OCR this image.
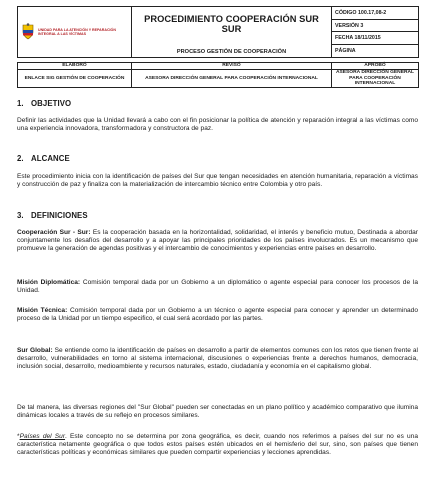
UNIDAD PARA LA ATENCIÓN Y REPARACIÓN INTEGRAL A LAS VÍCTIMAS

PROCEDIMIENTO COOPERACIÓN SUR SUR
PROCESO GESTIÓN DE COOPERACIÓN

CÓDIGO 100.17,08-2
VERSIÓN 3
FECHA 18/11/2015
PÁGINA
ELABORÓ	REVISÓ	APROBÓ
ENLACE SIG GESTIÓN DE COOPERACIÓN	ASESORA DIRECCIÓN GENERAL PARA COOPERACIÓN INTERNACIONAL	ASESORA DIRECCIÓN GENERAL PARA COOPERACIÓN INTERNACIONAL
1. OBJETIVO
Definir las actividades que la Unidad llevará a cabo con el fin posicionar la política de atención y reparación integral a las víctimas como una experiencia innovadora, transformadora y constructora de paz.
2. ALCANCE
Este procedimiento inicia con la identificación de países del Sur que tengan necesidades en atención humanitaria, reparación a víctimas y construcción de paz y finaliza con la materialización de intercambio técnico entre Colombia y otro país.
3. DEFINICIONES
Cooperación Sur - Sur: Es la cooperación basada en la horizontalidad, solidaridad, el interés y beneficio mutuo, Destinada a abordar conjuntamente los desafíos del desarrollo y a apoyar las principales prioridades de los países involucrados. Es un mecanismo que promueve la generación de agendas positivas y el intercambio de conocimientos y experiencias entre países en desarrollo.
Misión Diplomática: Comisión temporal dada por un Gobierno a un diplomático o agente especial para conocer los procesos de la Unidad.
Misión Técnica: Comisión temporal dada por un Gobierno a un técnico o agente especial para conocer y aprender un determinado proceso de la Unidad por un tiempo especifico, el cual será acordado por las partes.
Sur Global: Se entiende como la identificación de países en desarrollo a partir de elementos comunes con los retos que tienen frente al desarrollo, vulnerabilidades en torno al sistema internacional, discusiones o experiencias frente a derechos humanos, democracia, inclusión social, desarrollo, medioambiente y recursos naturales, estado, ciudadanía y economía en el capitalismo global.
De tal manera, las diversas regiones del "Sur Global" pueden ser conectadas en un plano político y académico comparativo que ilumina dinámicas locales a través de su reflejo en procesos similares.
*Países del Sur. Este concepto no se determina por zona geográfica, es decir, cuando nos referimos a países del sur no es una característica netamente geográfica o que todos estos países estén ubicados en el hemisferio del sur, sino, son países que tienen características políticas y económicas similares que pueden compartir experiencias y lecciones aprendidas.
